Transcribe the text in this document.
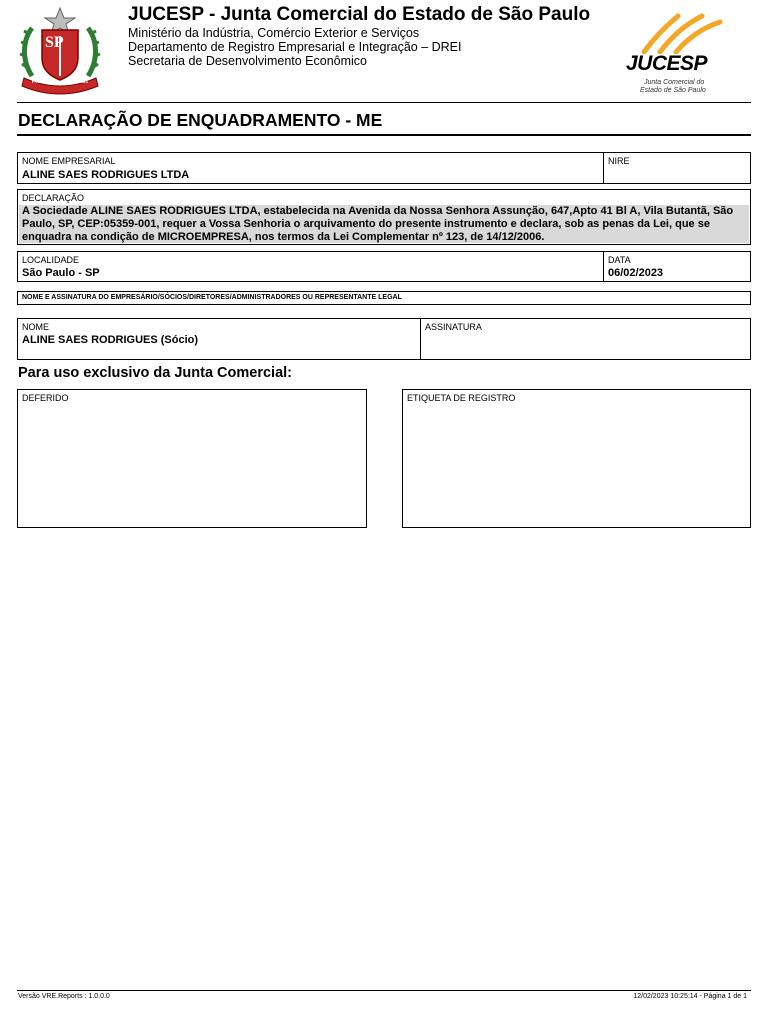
SP
PRO BRASILIA FIANT EXIMIA
JUCESP - Junta Comercial do Estado de São Paulo
Ministério da Indústria, Comércio Exterior e Serviços
Departamento de Registro Empresarial e Integração – DREI
Secretaria de Desenvolvimento Econômico	JUCESP
Junta Comercial do
Estado de São Paulo
DECLARAÇÃO DE ENQUADRAMENTO - ME
NOME EMPRESARIAL
ALINE SAES RODRIGUES LTDA
NIRE
DECLARAÇÃO
A Sociedade ALINE SAES RODRIGUES LTDA, estabelecida na Avenida da Nossa Senhora Assunção, 647,Apto 41 Bl A, Vila Butantã, São Paulo, SP, CEP:05359-001, requer a Vossa Senhoria o arquivamento do presente instrumento e declara, sob as penas da Lei, que se enquadra na condição de MICROEMPRESA, nos termos da Lei Complementar nº 123, de 14/12/2006.
LOCALIDADE
São Paulo - SP
DATA
06/02/2023
NOME E ASSINATURA DO EMPRESÁRIO/SÓCIOS/DIRETORES/ADMINISTRADORES OU REPRESENTANTE LEGAL
NOME
ALINE SAES RODRIGUES (Sócio)
ASSINATURA
Para uso exclusivo da Junta Comercial:
DEFERIDO	ETIQUETA DE REGISTRO
Versão VRE.Reports : 1.0.0.0	12/02/2023 10:25:14 - Página 1 de 1
